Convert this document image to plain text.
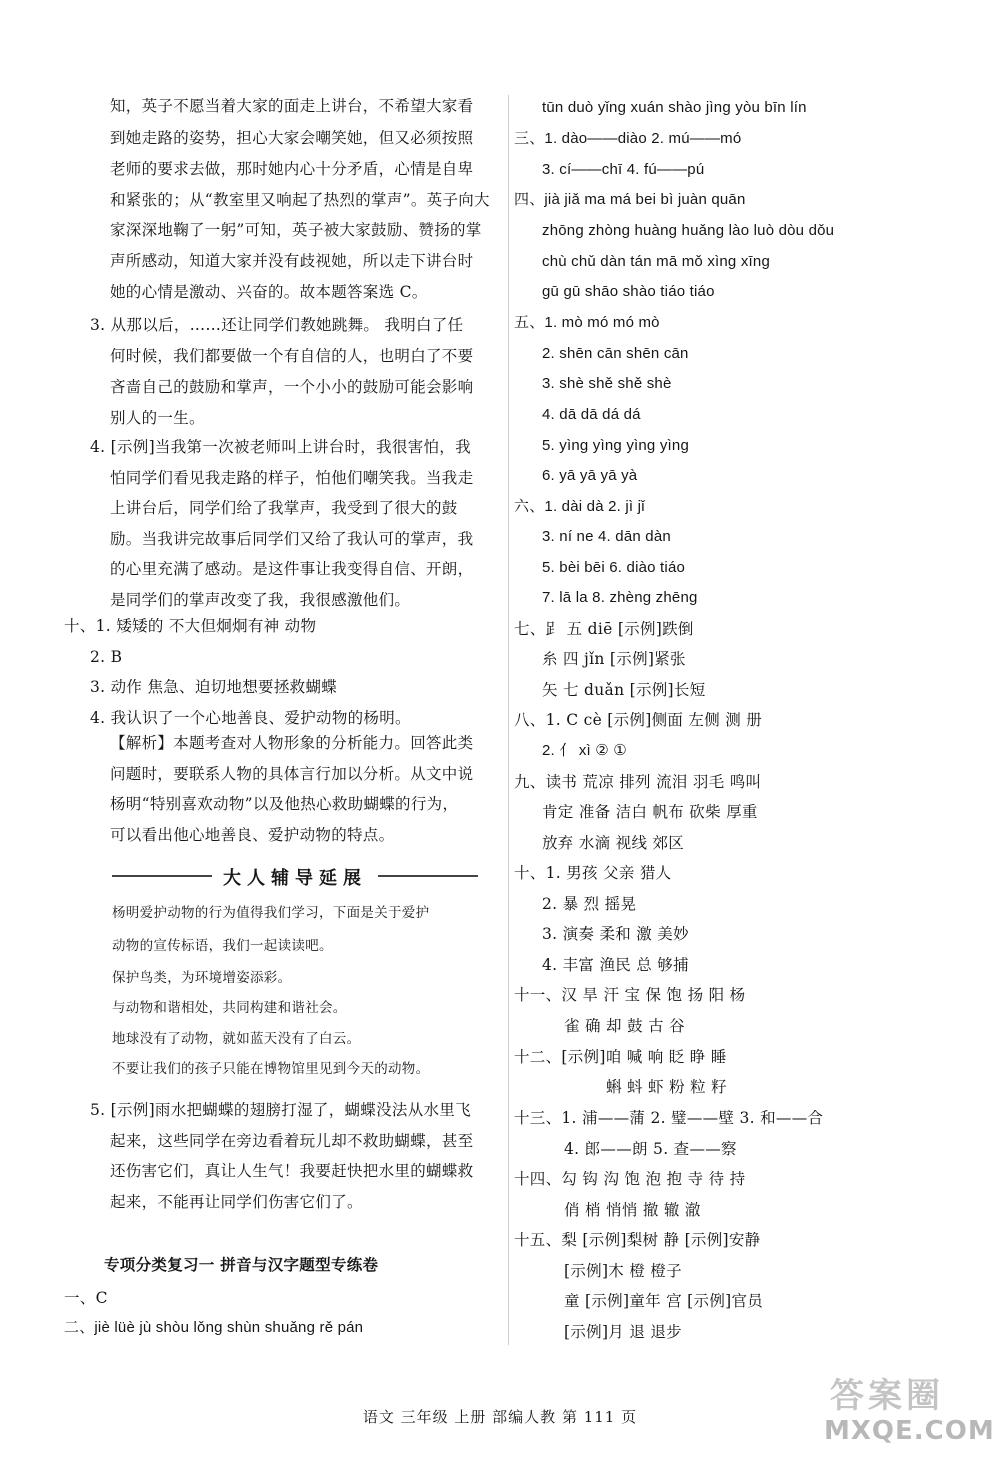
知，英子不愿当着大家的面走上讲台，不希望大家看
到她走路的姿势，担心大家会嘲笑她，但又必须按照
老师的要求去做，那时她内心十分矛盾，心情是自卑
和紧张的；从“教室里又响起了热烈的掌声”。英子向大
家深深地鞠了一躬”可知，英子被大家鼓励、赞扬的掌
声所感动，知道大家并没有歧视她，所以走下讲台时
她的心情是激动、兴奋的。故本题答案选 C。
3. 从那以后，……还让同学们教她跳舞。 我明白了任
何时候，我们都要做一个有自信的人，也明白了不要
吝啬自己的鼓励和掌声，一个小小的鼓励可能会影响
别人的一生。
4. [示例]当我第一次被老师叫上讲台时，我很害怕，我
怕同学们看见我走路的样子，怕他们嘲笑我。当我走
上讲台后，同学们给了我掌声，我受到了很大的鼓
励。当我讲完故事后同学们又给了我认可的掌声，我
的心里充满了感动。是这件事让我变得自信、开朗，
是同学们的掌声改变了我，我很感激他们。
十、1. 矮矮的 不大但炯炯有神 动物
2. B
3. 动作 焦急、迫切地想要拯救蝴蝶
4. 我认识了一个心地善良、爱护动物的杨明。
【解析】本题考查对人物形象的分析能力。回答此类
问题时，要联系人物的具体言行加以分析。从文中说
杨明“特别喜欢动物”以及他热心救助蝴蝶的行为，
可以看出他心地善良、爱护动物的特点。
杨明爱护动物的行为值得我们学习，下面是关于爱护
动物的宣传标语，我们一起读读吧。
保护鸟类，为环境增姿添彩。
与动物和谐相处，共同构建和谐社会。
地球没有了动物，就如蓝天没有了白云。
不要让我们的孩子只能在博物馆里见到今天的动物。
5. [示例]雨水把蝴蝶的翅膀打湿了，蝴蝶没法从水里飞
起来，这些同学在旁边看着玩儿却不救助蝴蝶，甚至
还伤害它们，真让人生气！我要赶快把水里的蝴蝶救
起来，不能再让同学们伤害它们了。
专项分类复习一 拼音与汉字题型专练卷
一、C
二、jiè lüè jù shòu lǒng shùn shuǎng rě pán
tūn duò yǐng xuán shào jìng yòu bīn lín
三、1. dào——diào 2. mú——mó
3. cí——chī 4. fú——pú
四、jià jiǎ ma má bei bì juàn quān
zhōng zhòng huàng huǎng lào luò dòu dǒu
chù chǔ dàn tán mā mǒ xìng xīng
gū gū shāo shào tiáo tiáo
五、1. mò mó mó mò
2. shēn cān shēn cān
3. shè shě shě shè
4. dā dā dá dá
5. yìng yìng yìng yìng
6. yā yā yā yà
六、1. dài dà 2. jì jǐ
3. ní ne 4. dān dàn
5. bèi bēi 6. diào tiáo
7. lā la 8. zhèng zhēng
七、𧾷 五 diē [示例]跌倒
糸 四 jǐn [示例]紧张
矢 七 duǎn [示例]长短
八、1. C cè [示例]侧面 左侧 测 册
2. 亻 xì ② ①
九、读书 荒凉 排列 流泪 羽毛 鸣叫
肯定 准备 洁白 帆布 砍柴 厚重
放弃 水滴 视线 郊区
十、1. 男孩 父亲 猎人
2. 暴 烈 摇晃
3. 演奏 柔和 激 美妙
4. 丰富 渔民 总 够捕
十一、汉 旱 汗 宝 保 饱 扬 阳 杨
雀 确 却 鼓 古 谷
十二、[示例]咱 喊 响 眨 睁 睡
蝌 蚪 虾 粉 粒 籽
十三、1. 浦——蒲 2. 璧——壁 3. 和——合
4. 郎——朗 5. 查——察
十四、勾 钩 沟 饱 泡 抱 寺 待 持
俏 梢 悄悄 撤 辙 澈
十五、梨 [示例]梨树 静 [示例]安静
[示例]木 橙 橙子
童 [示例]童年 宫 [示例]官员
[示例]月 退 退步
大人辅导延展
语文 三年级 上册 部编人教 第 111 页
答案圈
MXQE.COM
